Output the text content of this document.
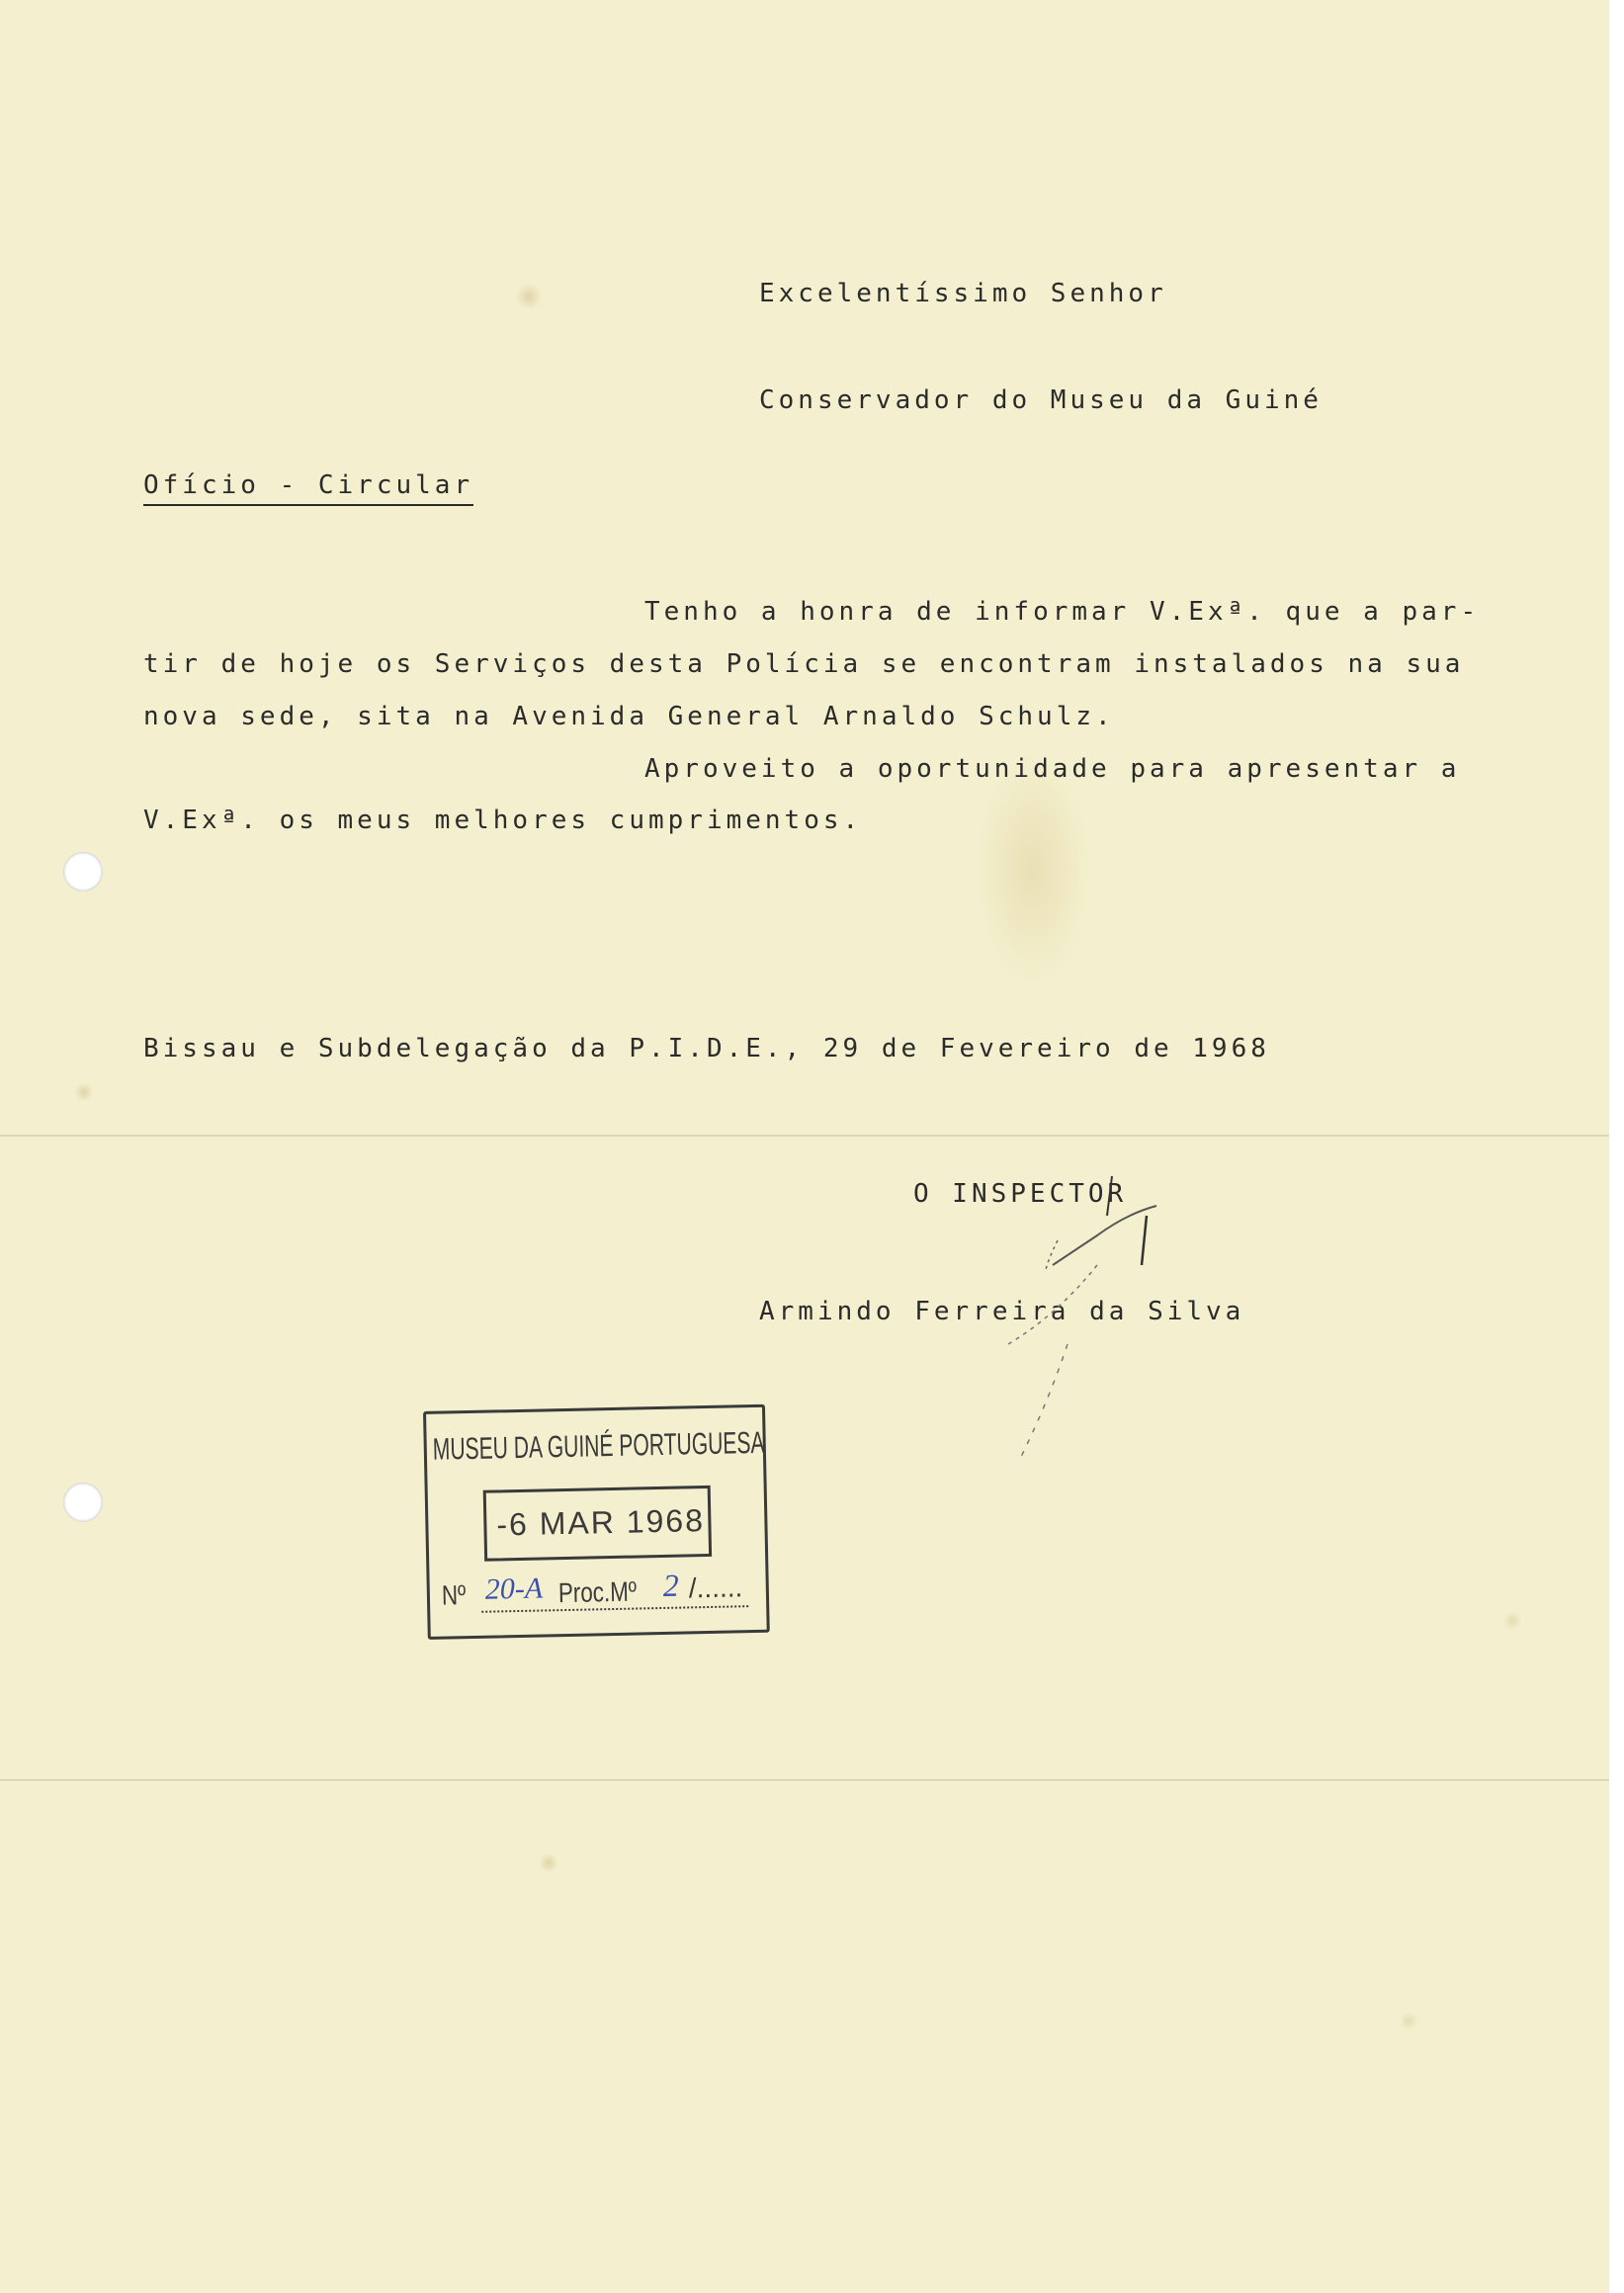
Excelentíssimo Senhor
Conservador do Museu da Guiné
Ofício - Circular
Tenho a honra de informar V.Exª. que a par-
tir de hoje os Serviços desta Polícia se encontram instalados na sua
nova sede, sita na Avenida General Arnaldo Schulz.
Aproveito a oportunidade para apresentar a
V.Exª. os meus melhores cumprimentos.
Bissau e Subdelegação da P.I.D.E., 29 de Fevereiro de 1968
O INSPECTOR
Armindo Ferreira da Silva
MUSEU DA GUINÉ PORTUGUESA
-6 MAR 1968
Nº 20-A Proc.Mº 2 /......
